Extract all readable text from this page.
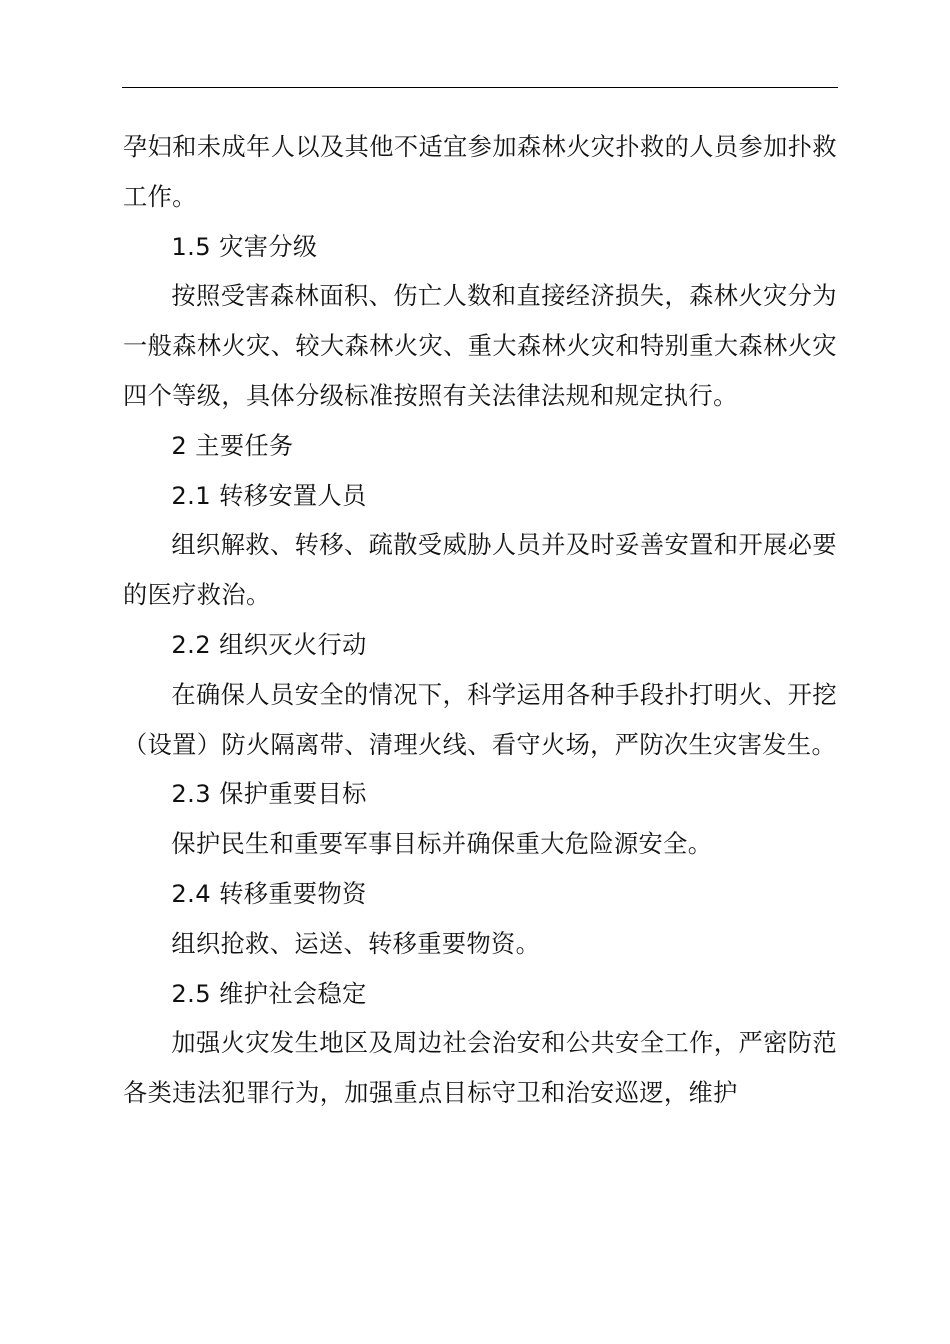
孕妇和未成年人以及其他不适宜参加森林火灾扑救的人员参加扑救工作。

1.5 灾害分级

按照受害森林面积、伤亡人数和直接经济损失，森林火灾分为一般森林火灾、较大森林火灾、重大森林火灾和特别重大森林火灾四个等级，具体分级标准按照有关法律法规和规定执行。

2 主要任务

2.1 转移安置人员

组织解救、转移、疏散受威胁人员并及时妥善安置和开展必要的医疗救治。

2.2 组织灭火行动

在确保人员安全的情况下，科学运用各种手段扑打明火、开挖（设置）防火隔离带、清理火线、看守火场，严防次生灾害发生。

2.3 保护重要目标

保护民生和重要军事目标并确保重大危险源安全。

2.4 转移重要物资

组织抢救、运送、转移重要物资。

2.5 维护社会稳定

加强火灾发生地区及周边社会治安和公共安全工作，严密防范各类违法犯罪行为，加强重点目标守卫和治安巡逻，维护
